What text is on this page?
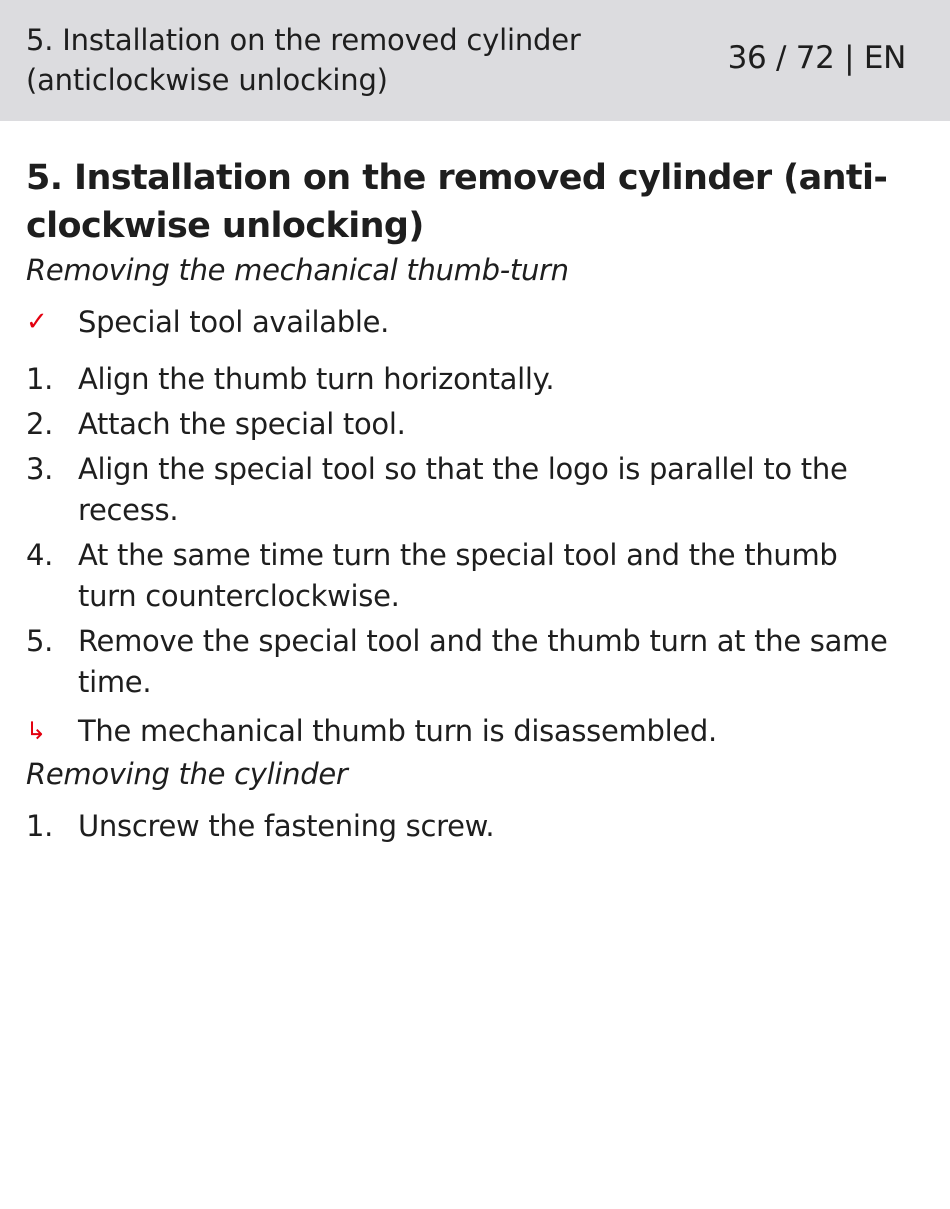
5. Installation on the removed cylinder
(anticlockwise unlocking)
36 / 72 | EN
5. Installation on the removed cylinder (anti-
clockwise unlocking)

Removing the mechanical thumb-turn

✓ Special tool available.
1. Align the thumb turn horizontally.
2. Attach the special tool.
3. Align the special tool so that the logo is parallel to the
recess.
4. At the same time turn the special tool and the thumb
turn counterclockwise.
5. Remove the special tool and the thumb turn at the same
time.
↳ The mechanical thumb turn is disassembled.

Removing the cylinder

1. Unscrew the fastening screw.
